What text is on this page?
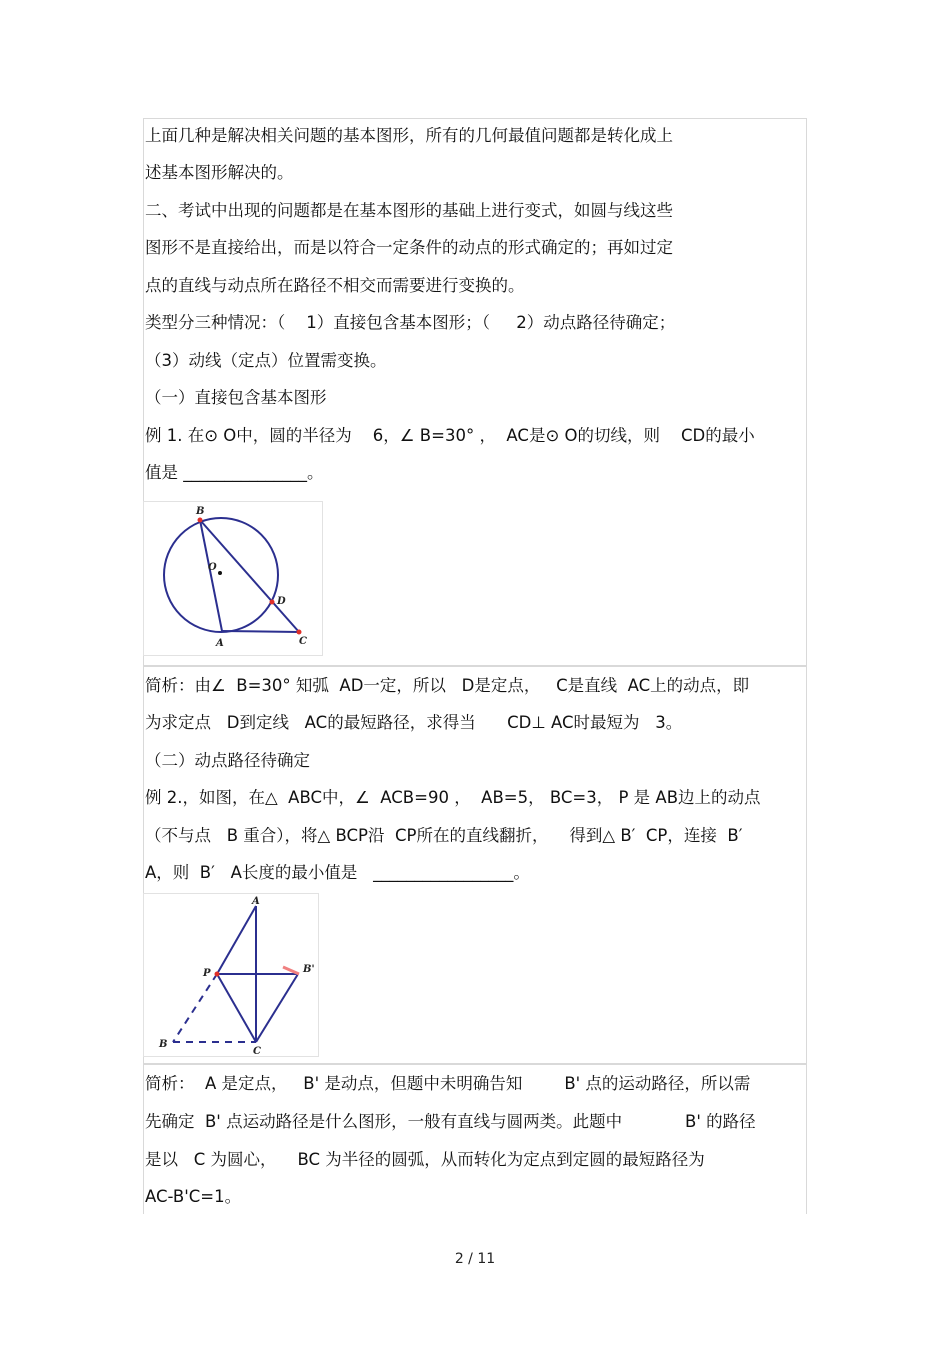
上面几种是解决相关问题的基本图形，所有的几何最值问题都是转化成上
述基本图形解决的。
二、考试中出现的问题都是在基本图形的基础上进行变式，如圆与线这些
图形不是直接给出，而是以符合一定条件的动点的形式确定的；再如过定
点的直线与动点所在路径不相交而需要进行变换的。
类型分三种情况：（    1）直接包含基本图形；（     2）动点路径待确定；
（3）动线（定点）位置需变换。
（一）直接包含基本图形
例 1. 在⊙ O中，圆的半径为    6，∠ B=30° ，  AC是⊙ O的切线，则    CD的最小
值是 _______________。
简析：由∠  B=30° 知弧  AD一定，所以   D是定点，   C是直线  AC上的动点，即
为求定点   D到定线   AC的最短路径，求得当      CD⊥ AC时最短为   3。
（二）动点路径待确定
例 2.，如图，在△  ABC中，∠  ACB=90 ，  AB=5， BC=3， P 是 AB边上的动点
（不与点   B 重合），将△ BCP沿  CP所在的直线翻折，    得到△ B′  CP，连接  B′
A，则  B′   A长度的最小值是   _________________。
简析：  A 是定点，   B' 是动点，但题中未明确告知        B' 点的运动路径，所以需
先确定  B' 点运动路径是什么图形，一般有直线与圆两类。此题中            B' 的路径
是以   C 为圆心，    BC 为半径的圆弧，从而转化为定点到定圆的最短路径为
AC-B'C=1。
B
O
D
A	C
A
P	B'
B
C
2 / 11
